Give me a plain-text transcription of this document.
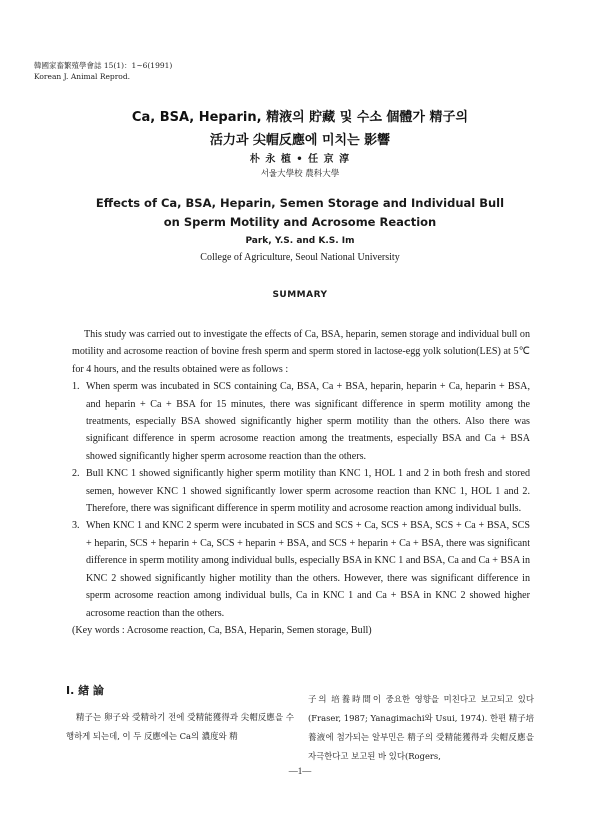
韓國家畜繁殖學會誌 15(1)：1~6(1991)
Korean J. Animal Reprod.
Ca, BSA, Heparin, 精液의 貯藏 및 수소 個體가 精子의
活力과 尖帽反應에 미치는 影響
朴 永 植 • 任 京 淳
서울大學校 農科大學
Effects of Ca, BSA, Heparin, Semen Storage and Individual Bull
on Sperm Motility and Acrosome Reaction
Park, Y.S. and K.S. Im
College of Agriculture, Seoul National University
SUMMARY

This study was carried out to investigate the effects of Ca, BSA, heparin, semen storage and individual bull on motility and acrosome reaction of bovine fresh sperm and sperm stored in lactose-egg yolk solution(LES) at 5℃ for 4 hours, and the results obtained were as follows :

1. When sperm was incubated in SCS containing Ca, BSA, Ca + BSA, heparin, heparin + Ca, heparin + BSA, and heparin + Ca + BSA for 15 minutes, there was significant difference in sperm motility among the treatments, especially BSA showed significantly higher sperm motility than the others. Also there was significant difference in sperm acrosome reaction among the treatments, especially BSA and Ca + BSA showed significantly higher sperm acrosome reaction than the others.
2. Bull KNC 1 showed significantly higher sperm motility than KNC 1, HOL 1 and 2 in both fresh and stored semen, however KNC 1 showed significantly lower sperm acrosome reaction than KNC 1, HOL 1 and 2. Therefore, there was significant difference in sperm motility and acrosome reaction among individual bulls.
3. When KNC 1 and KNC 2 sperm were incubated in SCS and SCS + Ca, SCS + BSA, SCS + Ca + BSA, SCS + heparin, SCS + heparin + Ca, SCS + heparin + BSA, and SCS + heparin + Ca + BSA, there was significant difference in sperm motility among individual bulls, especially BSA in KNC 1 and BSA, Ca and Ca + BSA in KNC 2 showed significantly higher motility than the others. However, there was significant difference in sperm acrosome reaction among individual bulls, Ca in KNC 1 and Ca + BSA in KNC 2 showed higher acrosome reaction than the others.

(Key words : Acrosome reaction, Ca, BSA, Heparin, Semen storage, Bull)

Ⅰ. 緖 論

精子는 卵子와 受精하기 전에 受精能獲得과 尖帽反應을 수행하게 되는데, 이 두 反應에는 Ca의 濃度와 精

子의 培養時間이 중요한 영향을 미친다고 보고되고 있다(Fraser, 1987; Yanagimachi와 Usui, 1974). 한편 精子培養液에 첨가되는 알부민은 精子의 受精能獲得과 尖帽反應을 자극한다고 보고된 바 있다(Rogers,

—1—
